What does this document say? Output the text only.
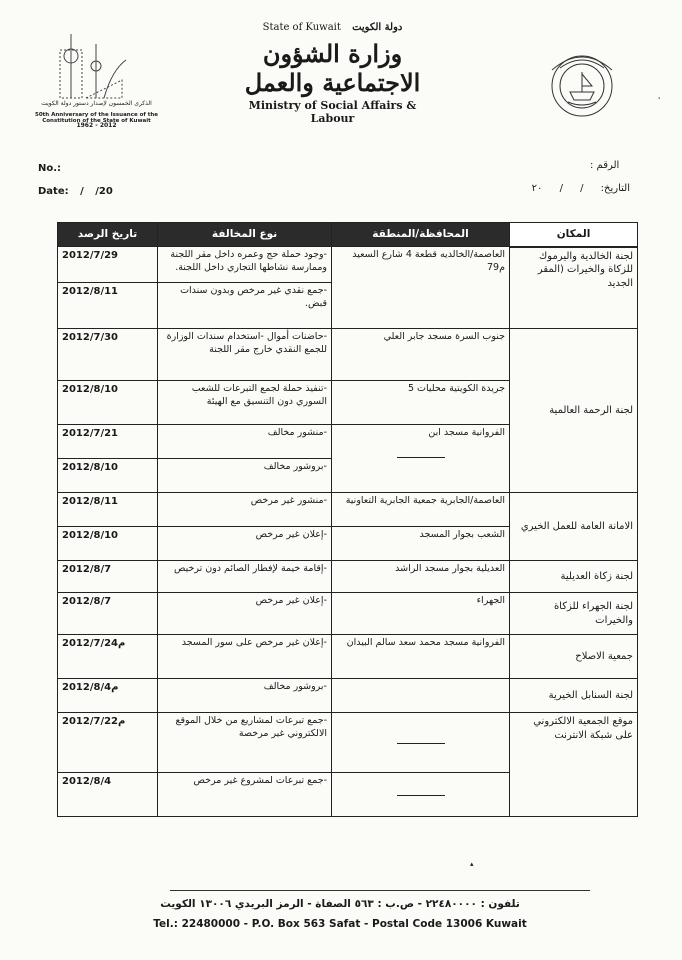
الذكرى الخمسون لإصدار دستور دولة الكويت
50th Anniversary of the Issuance of the Constitution of the State of Kuwait
1962 - 2012
State of Kuwait دولة الكويت
وزارة الشؤون الاجتماعية والعمل
Ministry of Social Affairs & Labour
'
No.:
Date: / /20
الرقم :
التاريخ: / / ٢٠
المكان	المحافظة/المنطقة	نوع المخالفة	تاريخ الرصد
لجنة الخالدية واليرموك للزكاة والخيرات (المقر الجديد	العاصمة/الخالديه قطعة 4 شارع السعيد م79	-وجود حملة حج وعمره داخل مقر اللجنة وممارسة نشاطها التجاري داخل اللجنة.	2012/7/29
		-جمع نقدي غير مرخص وبدون سندات قبض.	2012/8/11
لجنة الرحمة العالمية	جنوب السرة مسجد جابر العلي	-حاضنات أموال -استخدام سندات الوزارة للجمع النقدي خارج مقر اللجنة	2012/7/30
	جريدة الكويتية محليات 5	-تنفيذ حملة لجمع التبرعات للشعب السوري دون التنسيق مع الهيئة	2012/8/10

	الفروانية مسجد ابن	-منشور مخالف	2012/7/21
		-بروشور مخالف	2012/8/10
الامانة العامة للعمل الخيري	العاصمة/الجابرية جمعية الجابرية التعاونية	-منشور غير مرخص	2012/8/11
	الشعب بجوار المسجد	-إعلان غير مرخص	2012/8/10
لجنة زكاة العديلية	العديلية بجوار مسجد الراشد	-إقامة خيمة لإفطار الصائم دون ترخيص	2012/8/7
لجنة الجهراء للزكاة والخيرات	الجهراء	-إعلان غير مرخص	2012/8/7
جمعية الاصلاح	الفروانية مسجد محمد سعد سالم البيدان	-إعلان غير مرخص على سور المسجد	2012/7/24م
لجنة السنابل الخيرية		-بروشور مخالف	2012/8/4م
موقع الجمعية الالكتروني على شبكة الانترنت		-جمع تبرعات لمشاريع من خلال الموقع الالكتروني غير مرخصة	2012/7/22م
		-جمع تبرعات لمشروع غير مرخص	2012/8/4
▴
تلفون : ٢٢٤٨٠٠٠٠ - ص.ب : ٥٦٣ الصفاة - الرمز البريدي ١٣٠٠٦ الكويت
Tel.: 22480000 - P.O. Box 563 Safat - Postal Code 13006 Kuwait
